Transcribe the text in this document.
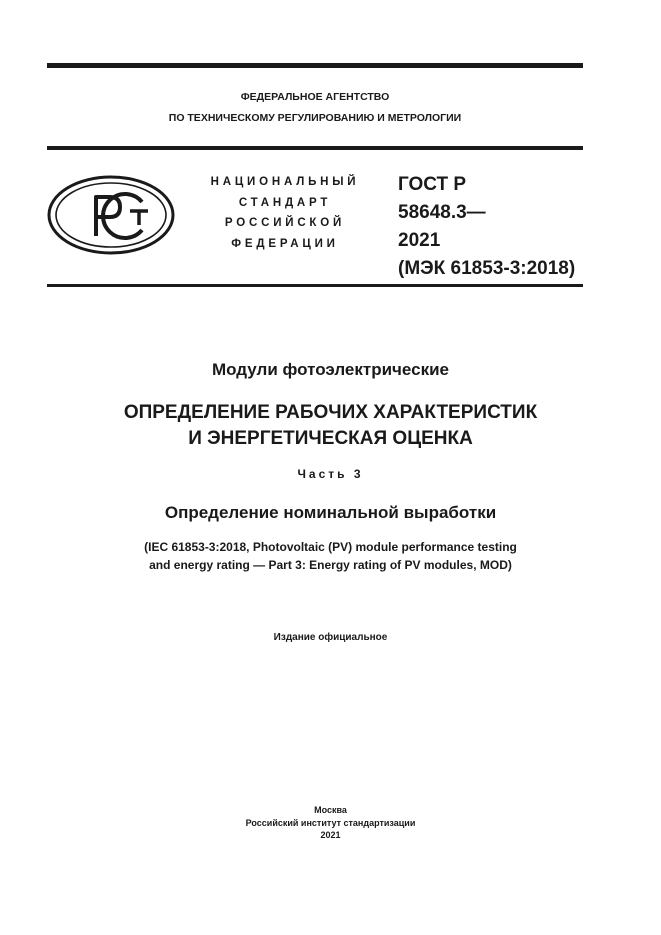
ФЕДЕРАЛЬНОЕ АГЕНТСТВО
ПО ТЕХНИЧЕСКОМУ РЕГУЛИРОВАНИЮ И МЕТРОЛОГИИ
НАЦИОНАЛЬНЫЙ
СТАНДАРТ
РОССИЙСКОЙ
ФЕДЕРАЦИИ
ГОСТ Р
58648.3—
2021
(МЭК 61853-3:2018)
Модули фотоэлектрические
ОПРЕДЕЛЕНИЕ РАБОЧИХ ХАРАКТЕРИСТИК
И ЭНЕРГЕТИЧЕСКАЯ ОЦЕНКА
Часть 3
Определение номинальной выработки
(IEC 61853-3:2018, Photovoltaic (PV) module performance testing
and energy rating — Part 3: Energy rating of PV modules, MOD)
Издание официальное
Москва
Российский институт стандартизации
2021
